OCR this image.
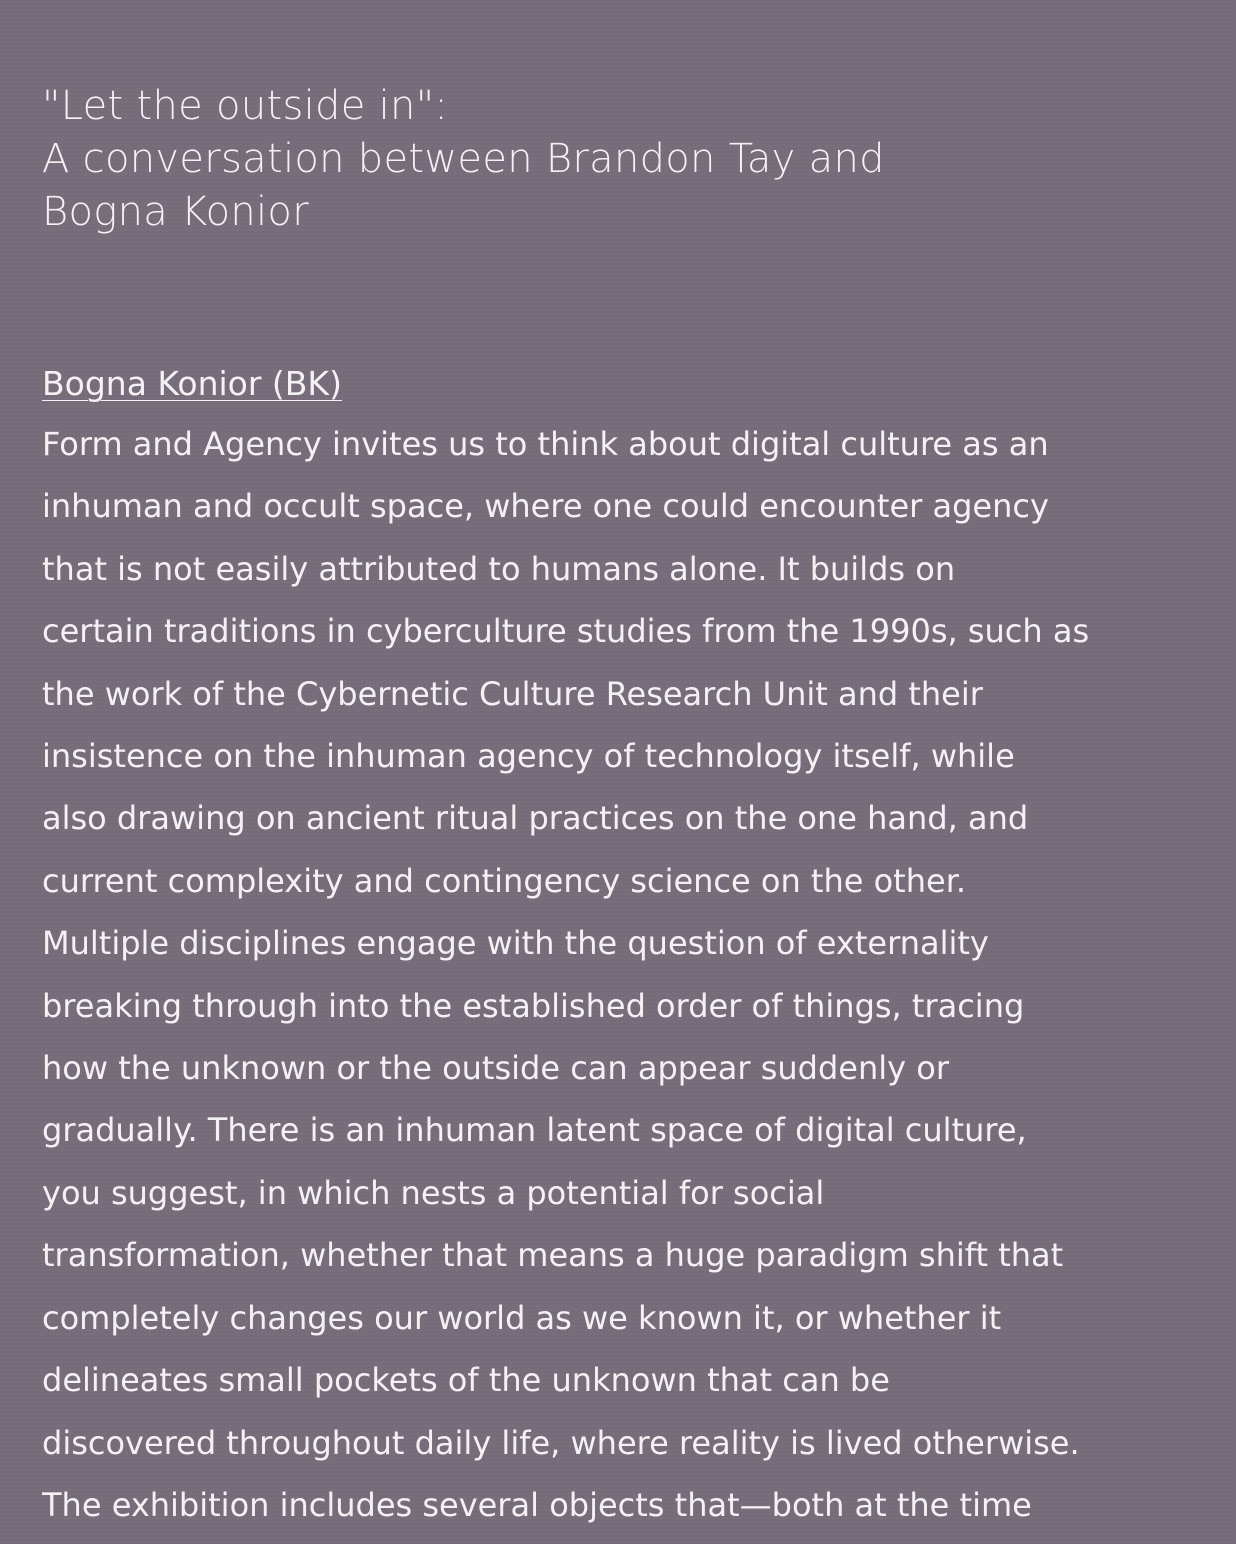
"Let the outside in":
A conversation between Brandon Tay and
Bogna Konior

Bogna Konior (BK)

Form and Agency invites us to think about digital culture as an
inhuman and occult space, where one could encounter agency
that is not easily attributed to humans alone. It builds on
certain traditions in cyberculture studies from the 1990s, such as
the work of the Cybernetic Culture Research Unit and their
insistence on the inhuman agency of technology itself, while
also drawing on ancient ritual practices on the one hand, and
current complexity and contingency science on the other.
Multiple disciplines engage with the question of externality
breaking through into the established order of things, tracing
how the unknown or the outside can appear suddenly or
gradually. There is an inhuman latent space of digital culture,
you suggest, in which nests a potential for social
transformation, whether that means a huge paradigm shift that
completely changes our world as we known it, or whether it
delineates small pockets of the unknown that can be
discovered throughout daily life, where reality is lived otherwise.
The exhibition includes several objects that—both at the time
